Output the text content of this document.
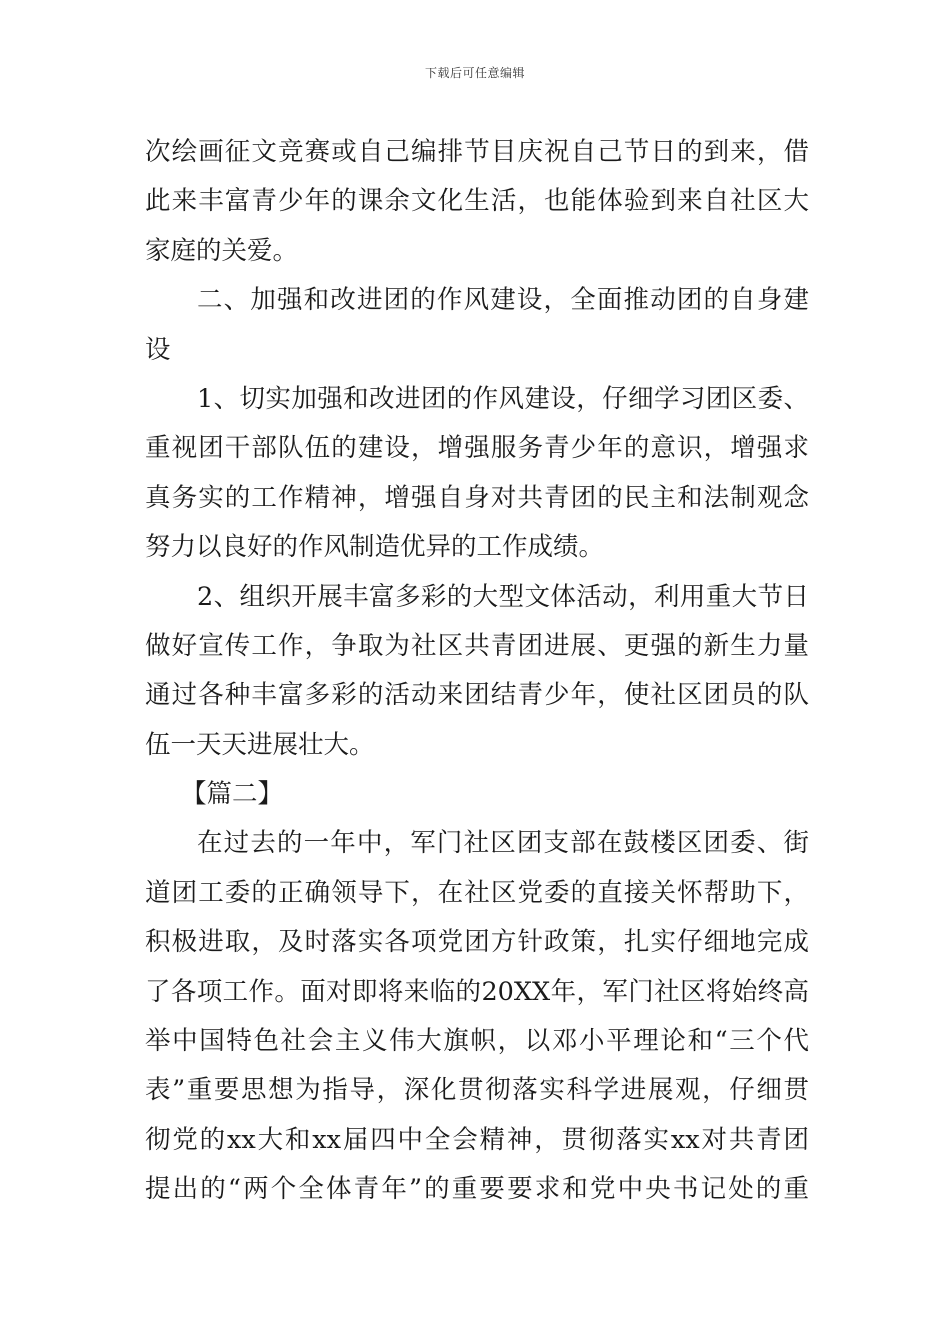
下载后可任意编辑
次绘画征文竞赛或自己编排节目庆祝自己节日的到来，借
此来丰富青少年的课余文化生活，也能体验到来自社区大
家庭的关爱。
二、加强和改进团的作风建设，全面推动团的自身建
设
1、切实加强和改进团的作风建设，仔细学习团区委、
重视团干部队伍的建设，增强服务青少年的意识，增强求
真务实的工作精神，增强自身对共青团的民主和法制观念
努力以良好的作风制造优异的工作成绩。
2、组织开展丰富多彩的大型文体活动，利用重大节日
做好宣传工作，争取为社区共青团进展、更强的新生力量
通过各种丰富多彩的活动来团结青少年，使社区团员的队
伍一天天进展壮大。
【篇二】
在过去的一年中，军门社区团支部在鼓楼区团委、街
道团工委的正确领导下，在社区党委的直接关怀帮助下，
积极进取，及时落实各项党团方针政策，扎实仔细地完成
了各项工作。面对即将来临的20XX年，军门社区将始终高
举中国特色社会主义伟大旗帜，以邓小平理论和“三个代
表”重要思想为指导，深化贯彻落实科学进展观，仔细贯
彻党的xx大和xx届四中全会精神，贯彻落实xx对共青团
提出的“两个全体青年”的重要要求和党中央书记处的重
